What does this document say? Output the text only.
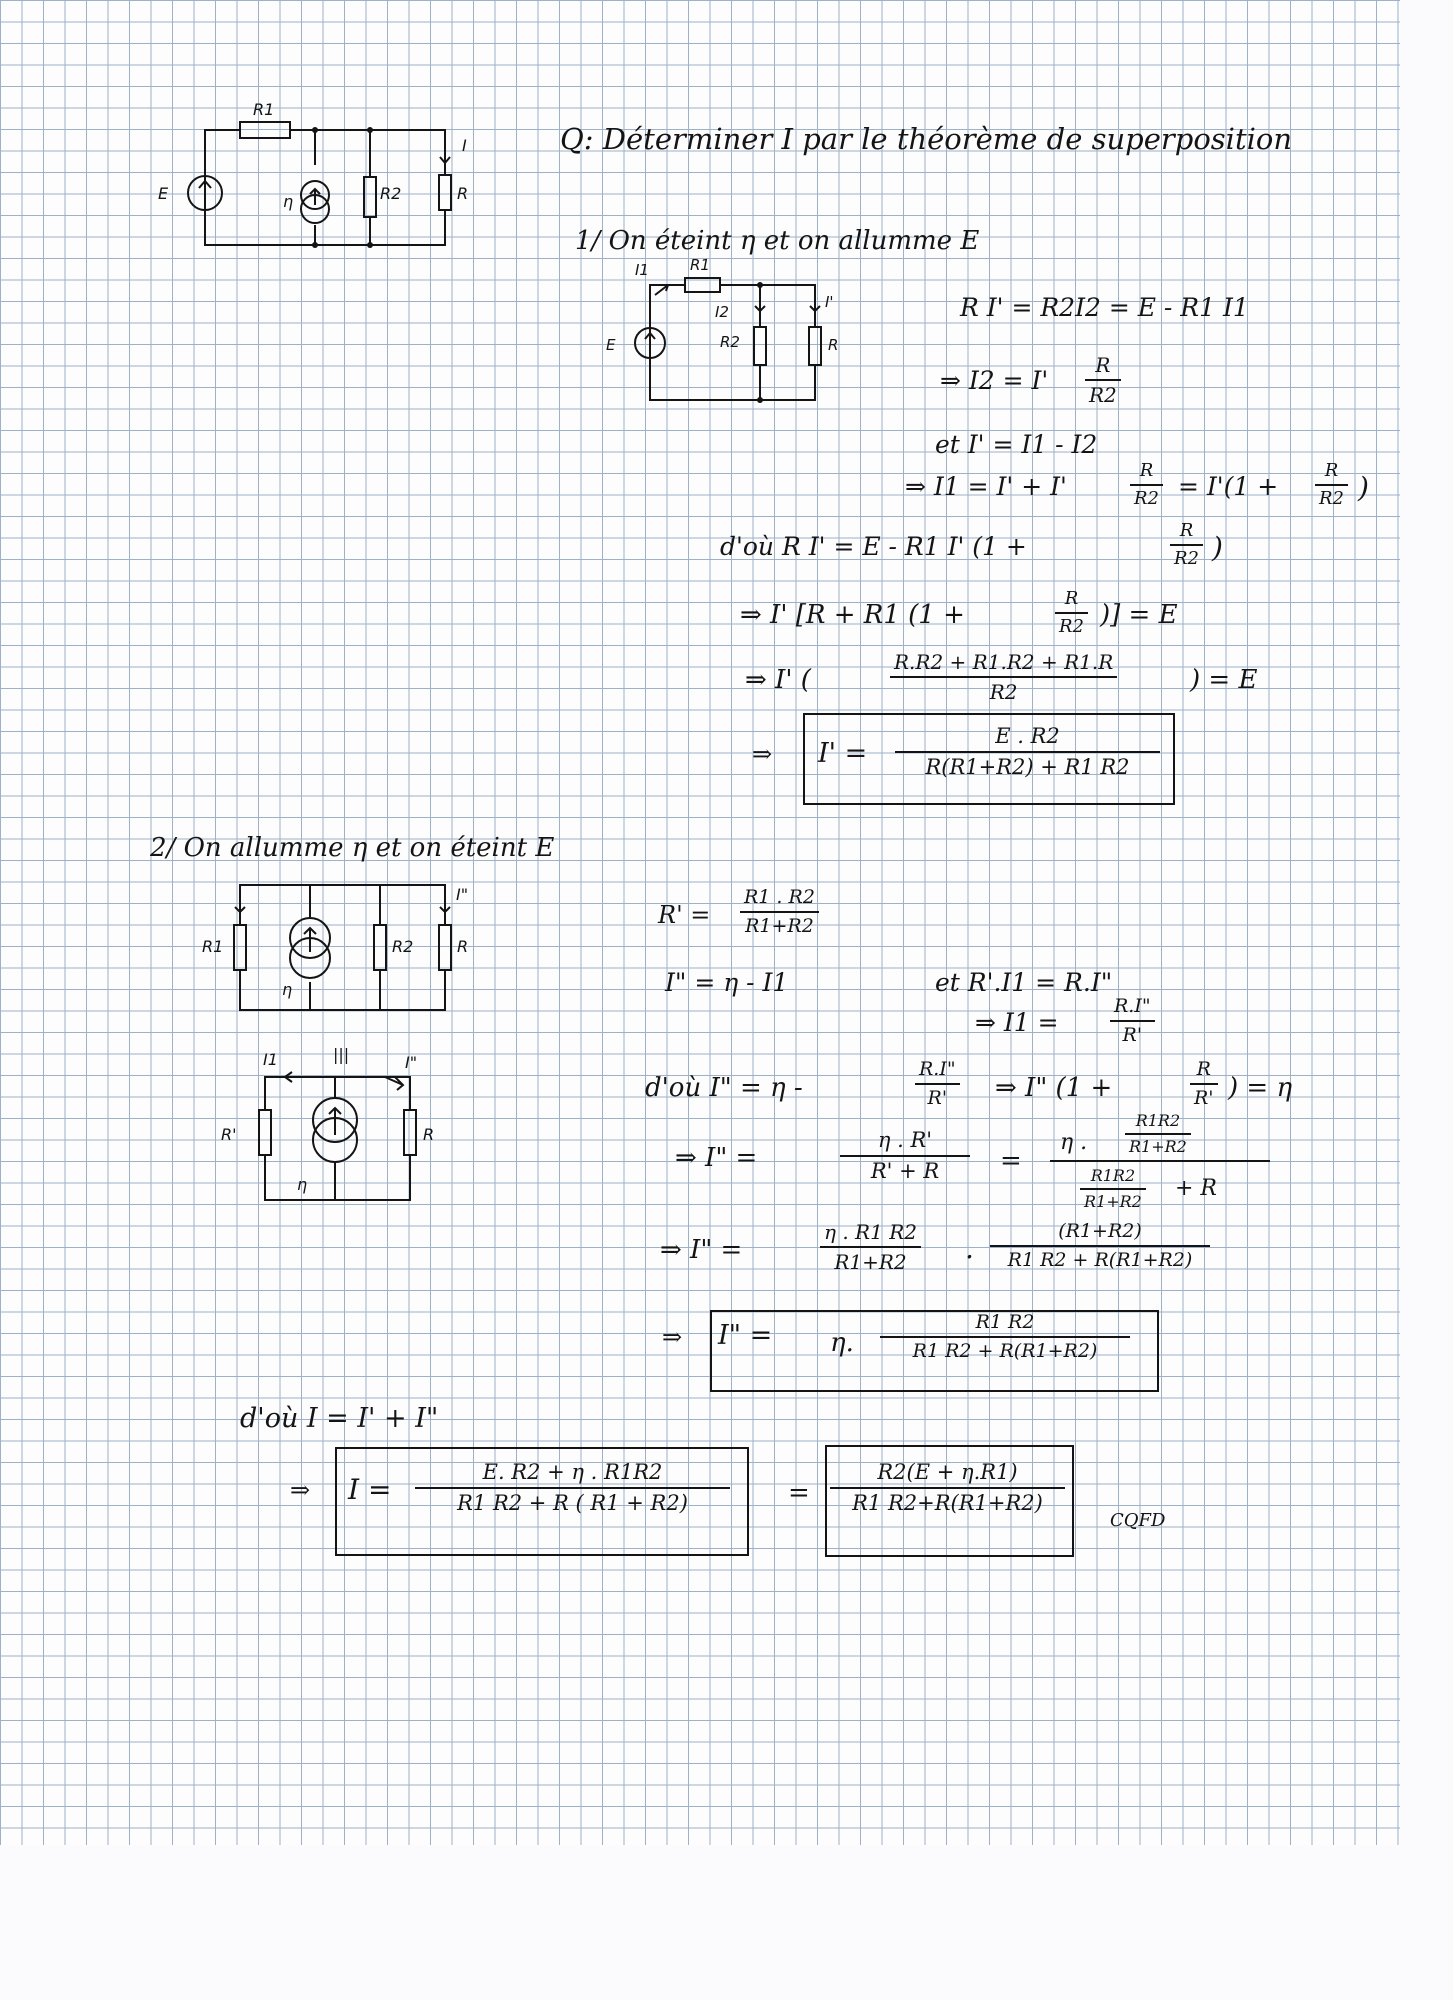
R1
E	η	R2
I
R
Q: Déterminer I par le théorème de superposition
1/ On éteint η et on allumme E
I1	R1
I2
R2
I'
R
E
R I' = R2I2 = E - R1 I1
⇒ $I2 = I' \frac{R}{R2}$
et I' = I1 - I2
⇒ I1 = I' + I'	$\frac{R}{R2} = I'(1 + \frac{R}{R2}$ )
d'où R I' = E - R1 I' (1 +	$\frac{R}{R2}$ )
⇒ I' [R + R1 (1 +	$\frac{R}{R2}$ )] = E
⇒ I' (	$\frac{R.R2 + R1.R2 + R1.R}{R2}$	) = E
⇒ $I' = \frac{E . R2}{R(R1+R2) + R1 R2}$
2/ On allumme η et on éteint E
R1
η
R2
I"
R
I1	|||	I"
R'
η
R
$R' = \frac{R1 . R2}{R1+R2}$
I" = η - I1	et R'.I1 = R.I"
⇒ I1 =	$\frac{R.I"}{R'}$
d'où I" = η -	$\frac{R.I"}{R'}$ ⇒ I" (1 +	$\frac{R}{R'}$ ) = η
⇒ I" =	$\frac{\eta . R'}{R' + R}$ =
η . $\frac{R1R2}{R1+R2}$
$\frac{R1R2}{R1+R2} + R$
⇒ I" =	$\frac{\eta . R1 R2}{R1+R2}$ . $\frac{(R1+R2)}{R1 R2 + R(R1+R2)}$
⇒ I" = η. $\frac{R1 R2}{R1 R2 + R(R1+R2)}$
d'où I = I' + I"
⇒ $I = \frac{E. R2 + \eta . R1R2}{R1 R2 + R ( R1 + R2)} = \frac{R2(E + \eta.R1)}{R1 R2+R(R1+R2)}$
CQFD
